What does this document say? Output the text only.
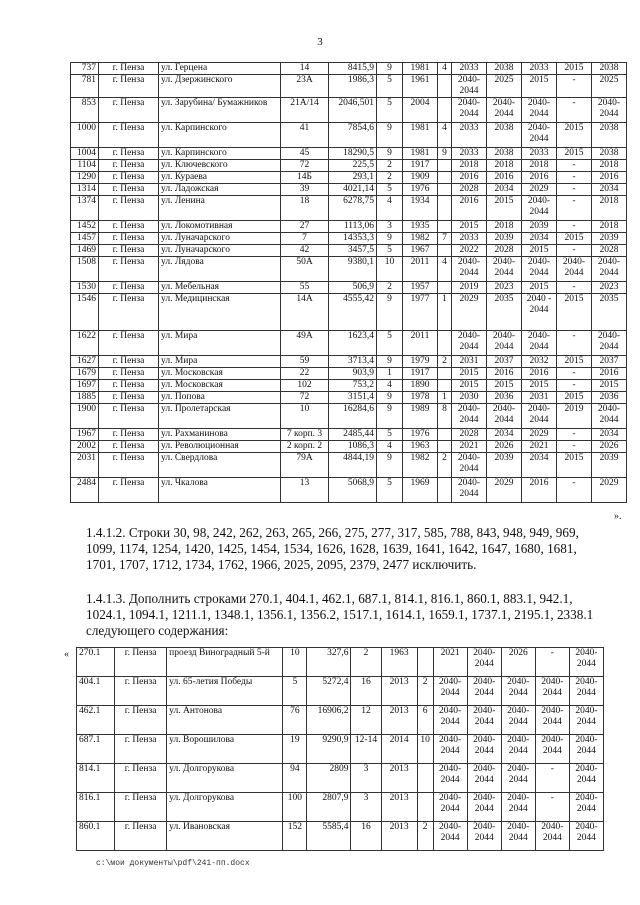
3
737	г. Пенза	ул. Герцена	14	8415,9	9	1981	4	2033	2038	2033	2015	2038
781	г. Пенза	ул. Дзержинского	23А	1986,3	5	1961		2040-2044	2025	2015	-	2025
853	г. Пенза	ул. Зарубина/ Бумажников	21А/14	2046,501	5	2004		2040-2044	2040-2044	2040-2044	-	2040-2044
1000	г. Пенза	ул. Карпинского	41	7854,6	9	1981	4	2033	2038	2040-2044	2015	2038
1004	г. Пенза	ул. Карпинского	45	18290,5	9	1981	9	2033	2038	2033	2015	2038
1104	г. Пенза	ул. Ключевского	72	225,5	2	1917		2018	2018	2018	-	2018
1290	г. Пенза	ул. Кураева	14Б	293,1	2	1909		2016	2016	2016	-	2016
1314	г. Пенза	ул. Ладожская	39	4021,14	5	1976		2028	2034	2029	-	2034
1374	г. Пенза	ул. Ленина	18	6278,75	4	1934		2016	2015	2040-2044	-	2018
1452	г. Пенза	ул. Локомотивная	27	1113,06	3	1935		2015	2018	2039	-	2018
1457	г. Пенза	ул. Луначарского	7	14353,3	9	1982	7	2033	2039	2034	2015	2039
1469	г. Пенза	ул. Луначарского	42	3457,5	5	1967		2022	2028	2015	-	2028
1508	г. Пенза	ул. Лядова	50А	9380,1	10	2011	4	2040-2044	2040-2044	2040-2044	2040-2044	2040-2044
1530	г. Пенза	ул. Мебельная	55	506,9	2	1957		2019	2023	2015	-	2023
1546	г. Пенза	ул. Медицинская	14А	4555,42	9	1977	1	2029	2035	2040 - 2044	2015	2035
1622	г. Пенза	ул. Мира	49А	1623,4	5	2011		2040-2044	2040-2044	2040-2044	-	2040-2044
1627	г. Пенза	ул. Мира	59	3713,4	9	1979	2	2031	2037	2032	2015	2037
1679	г. Пенза	ул. Московская	22	903,9	1	1917		2015	2016	2016	-	2016
1697	г. Пенза	ул. Московская	102	753,2	4	1890		2015	2015	2015	-	2015
1885	г. Пенза	ул. Попова	72	3151,4	9	1978	1	2030	2036	2031	2015	2036
1900	г. Пенза	ул. Пролетарская	10	16284,6	9	1989	8	2040-2044	2040-2044	2040-2044	2019	2040-2044
1967	г. Пенза	ул. Рахманинова	7 корп. 3	2485,44	5	1976		2028	2034	2029	-	2034
2002	г. Пенза	ул. Революционная	2 корп. 2	1086,3	4	1963		2021	2026	2021	-	2026
2031	г. Пенза	ул. Свердлова	79А	4844,19	9	1982	2	2040-2044	2039	2034	2015	2039
2484	г. Пенза	ул. Чкалова	13	5068,9	5	1969		2040-2044	2029	2016	-	2029
».
1.4.1.2. Строки 30, 98, 242, 262, 263, 265, 266, 275, 277, 317, 585, 788, 843, 948, 949, 969, 1099, 1174, 1254, 1420, 1425, 1454, 1534, 1626, 1628, 1639, 1641, 1642, 1647, 1680, 1681, 1701, 1707, 1712, 1734, 1762, 1966, 2025, 2095, 2379, 2477 исключить.
1.4.1.3. Дополнить строками 270.1, 404.1, 462.1, 687.1, 814.1, 816.1, 860.1, 883.1, 942.1, 1024.1, 1094.1, 1211.1, 1348.1, 1356.1, 1356.2, 1517.1, 1614.1, 1659.1, 1737.1, 2195.1, 2338.1 следующего содержания:
« 270.1	г. Пенза	проезд Виноградный 5-й	10	327,6	2	1963		2021	2040-2044	2026	-	2040-2044
404.1	г. Пенза	ул. 65-летия Победы	5	5272,4	16	2013	2	2040-2044	2040-2044	2040-2044	2040-2044	2040-2044
462.1	г. Пенза	ул. Антонова	76	16906,2	12	2013	6	2040-2044	2040-2044	2040-2044	2040-2044	2040-2044
687.1	г. Пенза	ул. Ворошилова	19	9290,9	12-14	2014	10	2040-2044	2040-2044	2040-2044	2040-2044	2040-2044
814.1	г. Пенза	ул. Долгорукова	94	2809	3	2013		2040-2044	2040-2044	2040-2044	-	2040-2044
816.1	г. Пенза	ул. Долгорукова	100	2807,9	3	2013		2040-2044	2040-2044	2040-2044	-	2040-2044
860.1	г. Пенза	ул. Ивановская	152	5585,4	16	2013	2	2040-2044	2040-2044	2040-2044	2040-2044	2040-2044
c:\мои документы\pdf\241-пп.docx
